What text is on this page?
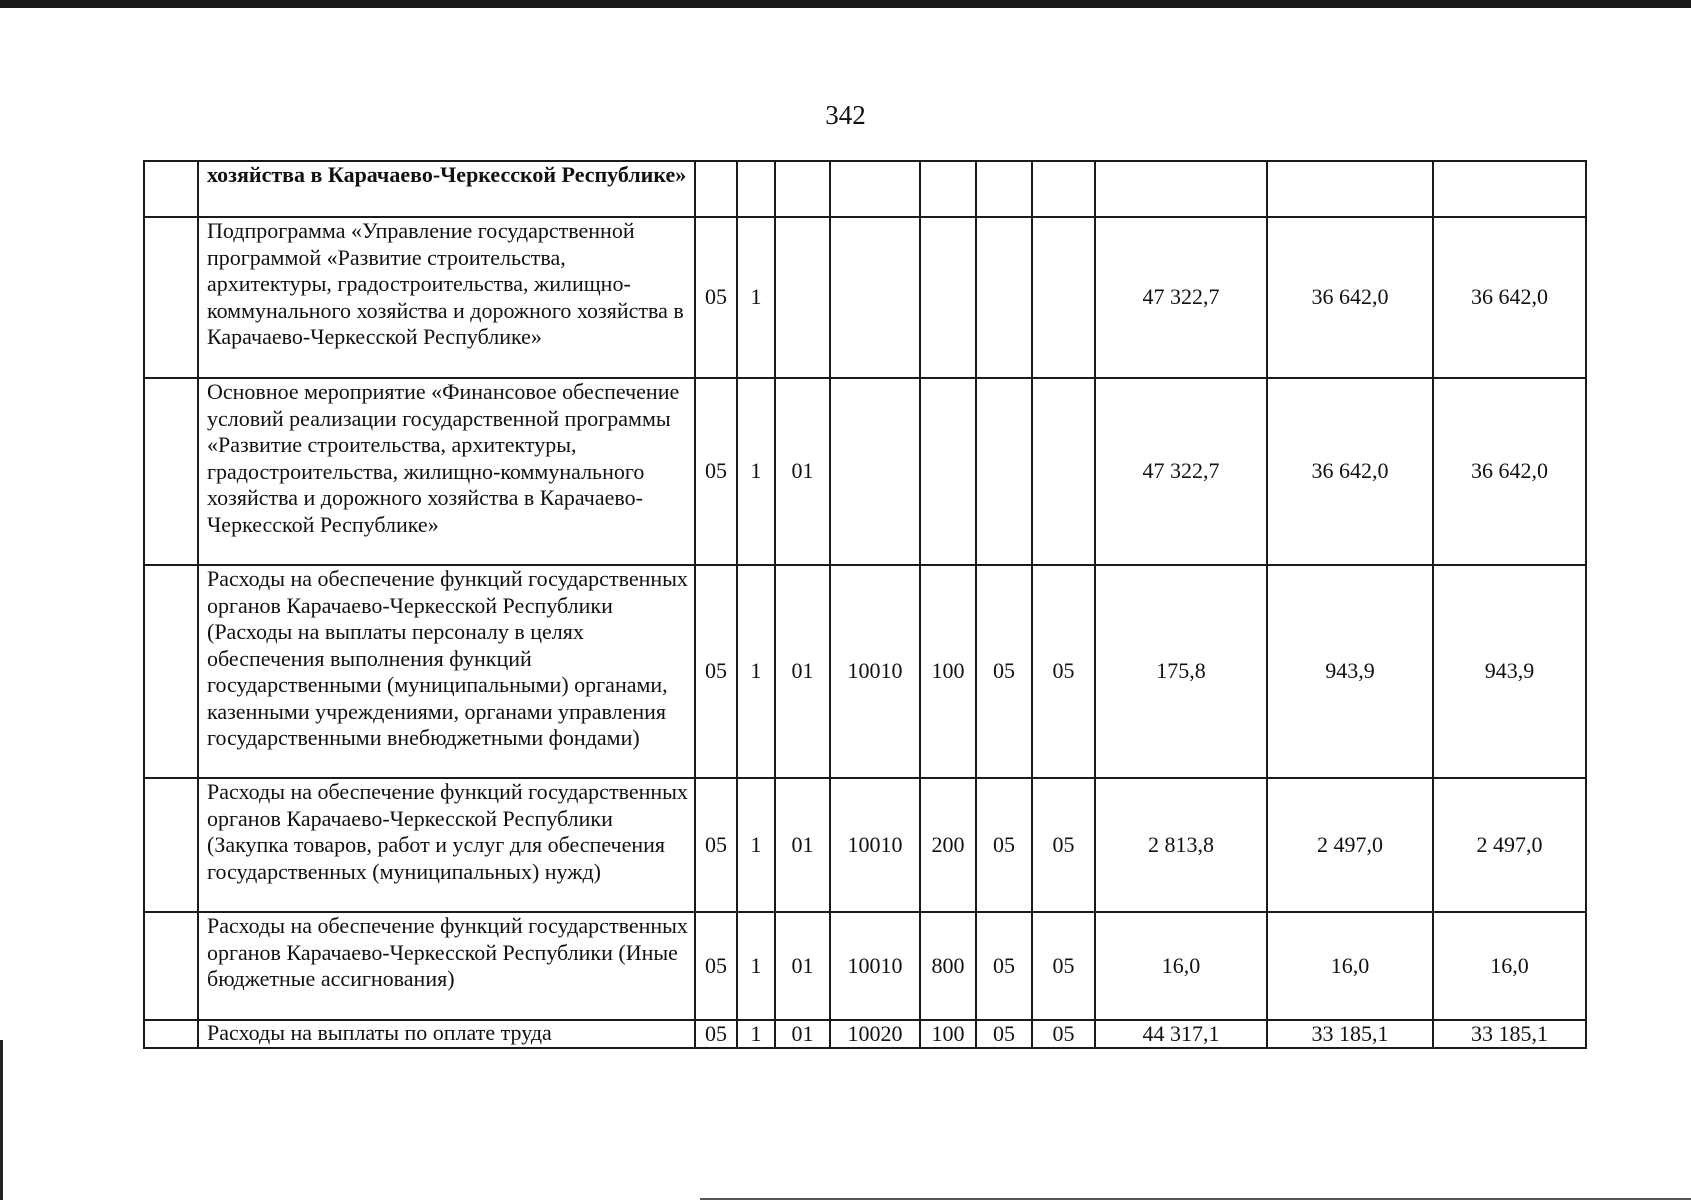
342
	хозяйства в Карачаево-Черкесской Республике»										
	Подпрограмма «Управление государственной программой «Развитие строительства, архитектуры, градостроительства, жилищно-коммунального хозяйства и дорожного хозяйства в Карачаево-Черкесской Республике»	05	1						47 322,7	36 642,0	36 642,0
	Основное мероприятие «Финансовое обеспечение условий реализации государственной программы «Развитие строительства, архитектуры, градостроительства, жилищно-коммунального хозяйства и дорожного хозяйства в Карачаево-Черкесской Республике»	05	1	01					47 322,7	36 642,0	36 642,0
	Расходы на обеспечение функций государственных органов Карачаево-Черкесской Республики (Расходы на выплаты персоналу в целях обеспечения выполнения функций государственными (муниципальными) органами, казенными учреждениями, органами управления государственными внебюджетными фондами)	05	1	01	10010	100	05	05	175,8	943,9	943,9
	Расходы на обеспечение функций государственных органов Карачаево-Черкесской Республики (Закупка товаров, работ и услуг для обеспечения государственных (муниципальных) нужд)	05	1	01	10010	200	05	05	2 813,8	2 497,0	2 497,0
	Расходы на обеспечение функций государственных органов Карачаево-Черкесской Республики (Иные бюджетные ассигнования)	05	1	01	10010	800	05	05	16,0	16,0	16,0
	Расходы на выплаты по оплате труда	05	1	01	10020	100	05	05	44 317,1	33 185,1	33 185,1
